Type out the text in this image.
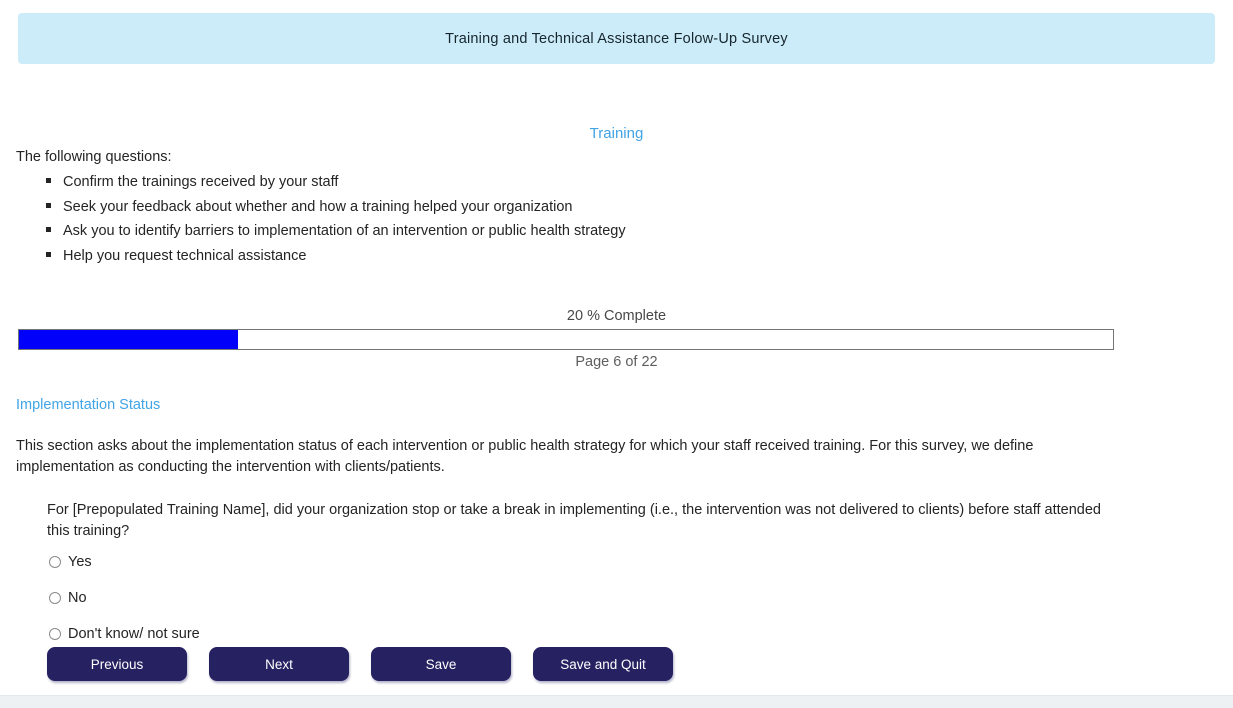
Training and Technical Assistance Folow-Up Survey
Training
The following questions:
Confirm the trainings received by your staff
Seek your feedback about whether and how a training helped your organization
Ask you to identify barriers to implementation of an intervention or public health strategy
Help you request technical assistance
20 % Complete
Page 6 of 22
Implementation Status
This section asks about the implementation status of each intervention or public health strategy for which your staff received training. For this survey, we define implementation as conducting the intervention with clients/patients.
For [Prepopulated Training Name], did your organization stop or take a break in implementing (i.e., the intervention was not delivered to clients) before staff attended this training?
Yes
No
Don't know/ not sure
Previous	Next	Save	Save and Quit
